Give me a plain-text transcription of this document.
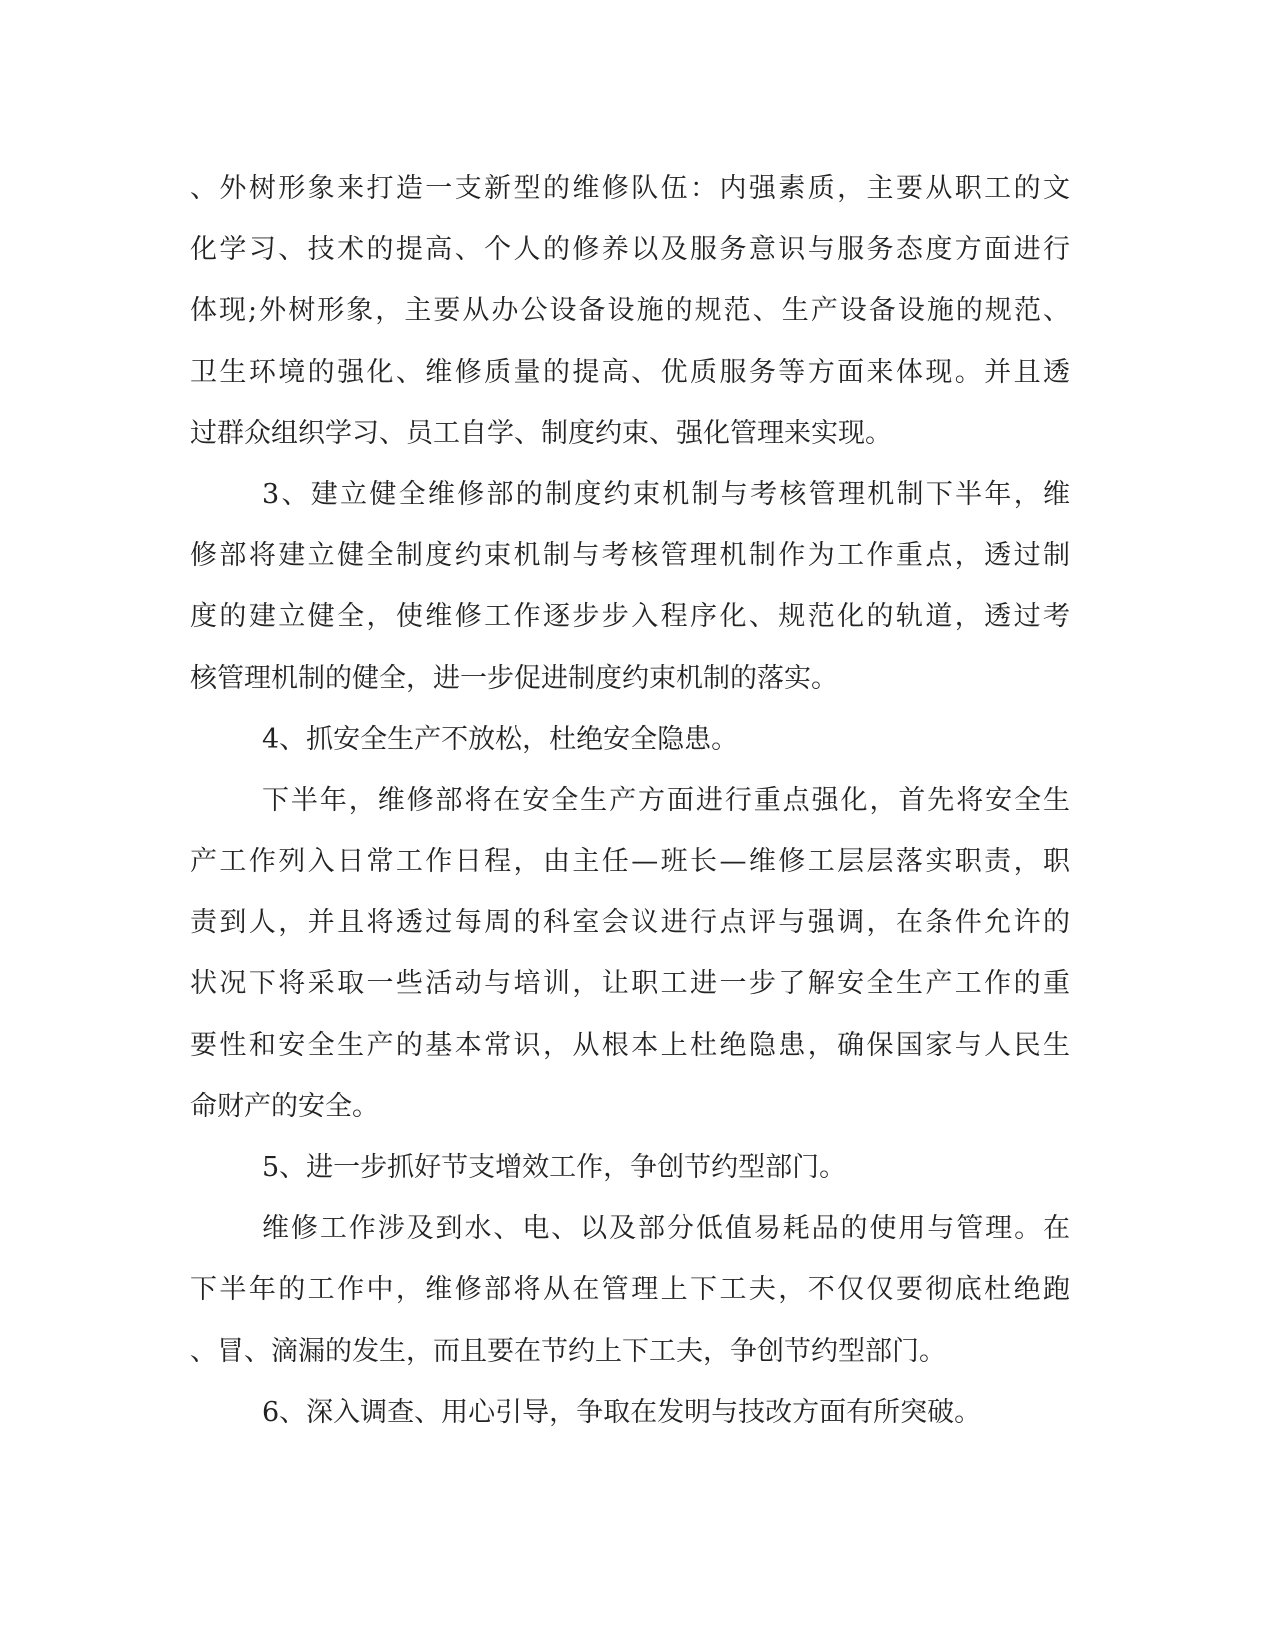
、外树形象来打造一支新型的维修队伍：内强素质，主要从职工的文
化学习、技术的提高、个人的修养以及服务意识与服务态度方面进行
体现;外树形象，主要从办公设备设施的规范、生产设备设施的规范、
卫生环境的强化、维修质量的提高、优质服务等方面来体现。并且透
过群众组织学习、员工自学、制度约束、强化管理来实现。
3、建立健全维修部的制度约束机制与考核管理机制下半年，维
修部将建立健全制度约束机制与考核管理机制作为工作重点，透过制
度的建立健全，使维修工作逐步步入程序化、规范化的轨道，透过考
核管理机制的健全，进一步促进制度约束机制的落实。
4、抓安全生产不放松，杜绝安全隐患。
下半年，维修部将在安全生产方面进行重点强化，首先将安全生
产工作列入日常工作日程，由主任—班长—维修工层层落实职责，职
责到人，并且将透过每周的科室会议进行点评与强调，在条件允许的
状况下将采取一些活动与培训，让职工进一步了解安全生产工作的重
要性和安全生产的基本常识，从根本上杜绝隐患，确保国家与人民生
命财产的安全。
5、进一步抓好节支增效工作，争创节约型部门。
维修工作涉及到水、电、以及部分低值易耗品的使用与管理。在
下半年的工作中，维修部将从在管理上下工夫，不仅仅要彻底杜绝跑
、冒、滴漏的发生，而且要在节约上下工夫，争创节约型部门。
6、深入调查、用心引导，争取在发明与技改方面有所突破。
